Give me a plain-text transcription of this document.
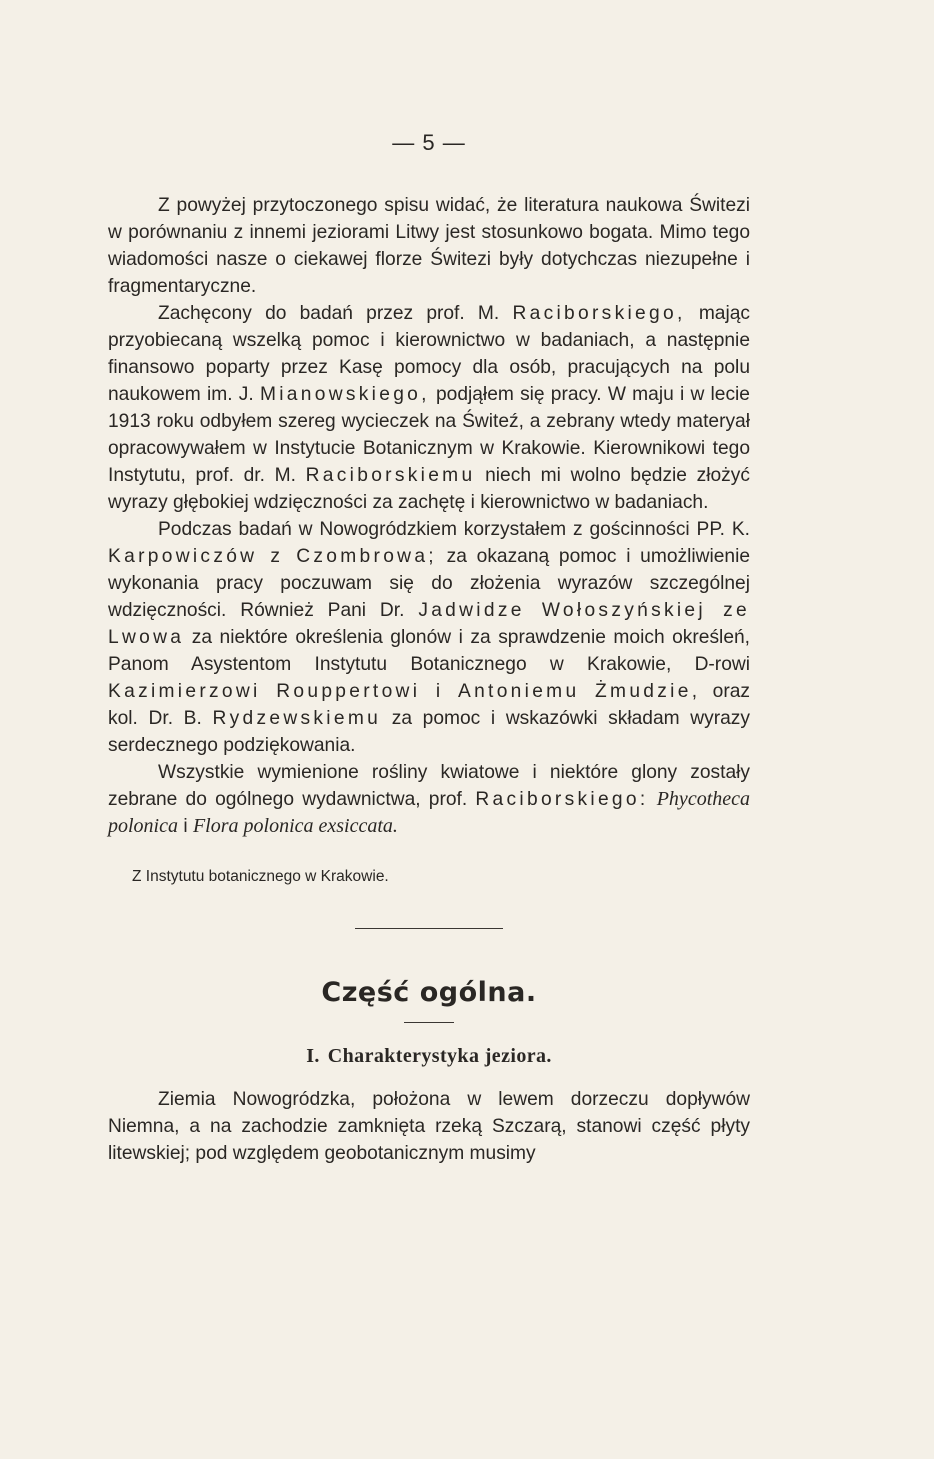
— 5 —

Z powyżej przytoczonego spisu widać, że literatura naukowa Świtezi w porównaniu z innemi jeziorami Litwy jest stosunkowo bogata. Mimo tego wiadomości nasze o ciekawej florze Świtezi były dotychczas niezupełne i fragmentaryczne.

Zachęcony do badań przez prof. M. Raciborskiego, mając przyobiecaną wszelką pomoc i kierownictwo w badaniach, a następnie finansowo poparty przez Kasę pomocy dla osób, pracujących na polu naukowem im. J. Mianowskiego, podjąłem się pracy. W maju i w lecie 1913 roku odbyłem szereg wycieczek na Świteź, a zebrany wtedy materyał opracowywałem w Instytucie Botanicznym w Krakowie. Kierownikowi tego Instytutu, prof. dr. M. Raciborskiemu niech mi wolno będzie złożyć wyrazy głębokiej wdzięczności za zachętę i kierownictwo w badaniach.

Podczas badań w Nowogródzkiem korzystałem z gościnności PP. K. Karpowiczów z Czombrowa; za okazaną pomoc i umożliwienie wykonania pracy poczuwam się do złożenia wyrazów szczególnej wdzięczności. Również Pani Dr. Jadwidze Wołoszyńskiej ze Lwowa za niektóre określenia glonów i za sprawdzenie moich określeń, Panom Asystentom Instytutu Botanicznego w Krakowie, D-rowi Kazimierzowi Rouppertowi i Antoniemu Żmudzie, oraz kol. Dr. B. Rydzewskiemu za pomoc i wskazówki składam wyrazy serdecznego podziękowania.

Wszystkie wymienione rośliny kwiatowe i niektóre glony zostały zebrane do ogólnego wydawnictwa, prof. Raciborskiego: Phycotheca polonica i Flora polonica exsiccata.

Z Instytutu botanicznego w Krakowie.
Część ogólna.
I. Charakterystyka jeziora.

Ziemia Nowogródzka, położona w lewem dorzeczu dopływów Niemna, a na zachodzie zamknięta rzeką Szczarą, stanowi część płyty litewskiej; pod względem geobotanicznym musimy
